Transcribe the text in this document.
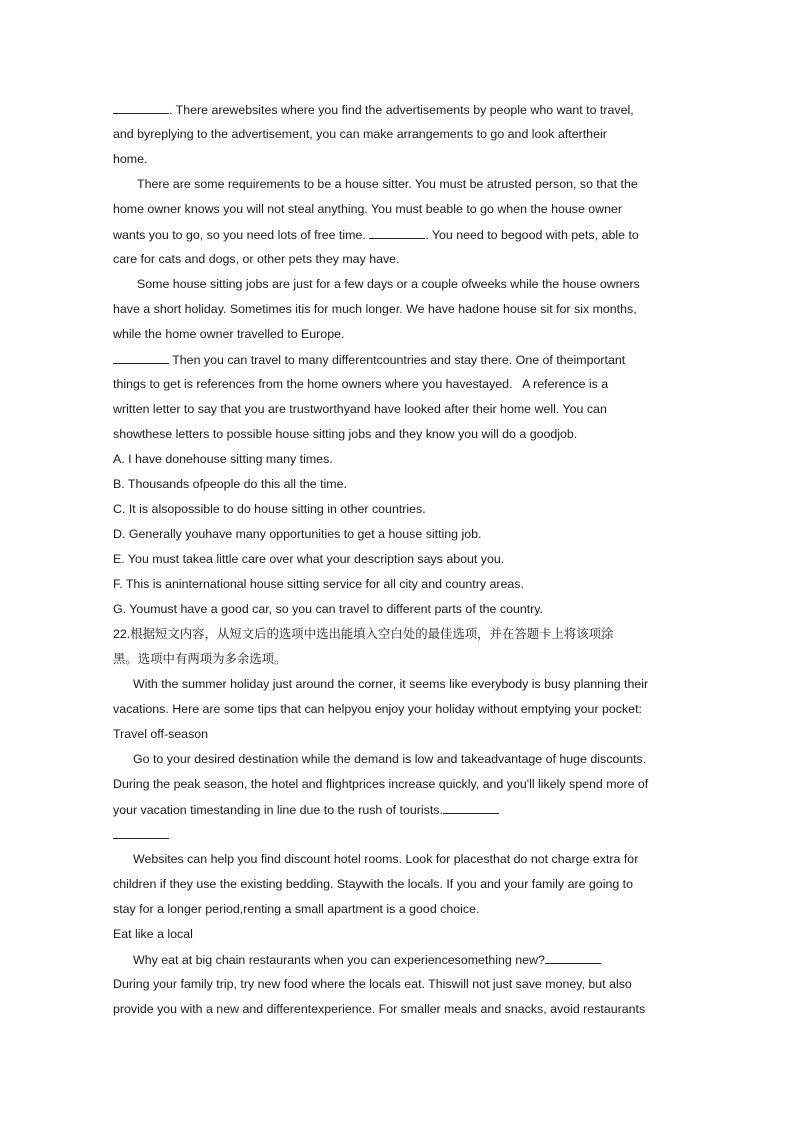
. There arewebsites where you find the advertisements by people who want to travel,
and byreplying to the advertisement, you can make arrangements to go and look aftertheir
home.
There are some requirements to be a house sitter. You must be atrusted person, so that the
home owner knows you will not steal anything. You must beable to go when the house owner
wants you to go, so you need lots of free time.	. You need to begood with pets, able to
care for cats and dogs, or other pets they may have.
Some house sitting jobs are just for a few days or a couple ofweeks while the house owners
have a short holiday. Sometimes itis for much longer. We have hadone house sit for six months,
while the home owner travelled to Europe.
Then you can travel to many differentcountries and stay there. One of theimportant
things to get is references from the home owners where you havestayed.   A reference is a
written letter to say that you are trustworthyand have looked after their home well. You can
showthese letters to possible house sitting jobs and they know you will do a goodjob.
A. I have donehouse sitting many times.
B. Thousands ofpeople do this all the time.
C. It is alsopossible to do house sitting in other countries.
D. Generally youhave many opportunities to get a house sitting job.
E. You must takea little care over what your description says about you.
F. This is aninternational house sitting service for all city and country areas.
G. Youmust have a good car, so you can travel to different parts of the country.
22.根据短文内容，从短文后的选项中选出能填入空白处的最佳选项，并在答题卡上将该项涂
黑。选项中有两项为多余选项。
With the summer holiday just around the corner, it seems like everybody is busy planning their
vacations. Here are some tips that can helpyou enjoy your holiday without emptying your pocket:
Travel off-season
Go to your desired destination while the demand is low and takeadvantage of huge discounts.
During the peak season, the hotel and flightprices increase quickly, and you'll likely spend more of
your vacation timestanding in line due to the rush of tourists.
Websites can help you find discount hotel rooms. Look for placesthat do not charge extra for
children if they use the existing bedding. Staywith the locals. If you and your family are going to
stay for a longer period,renting a small apartment is a good choice.
Eat like a local
Why eat at big chain restaurants when you can experiencesomething new?
During your family trip, try new food where the locals eat. Thiswill not just save money, but also
provide you with a new and differentexperience. For smaller meals and snacks, avoid restaurants
